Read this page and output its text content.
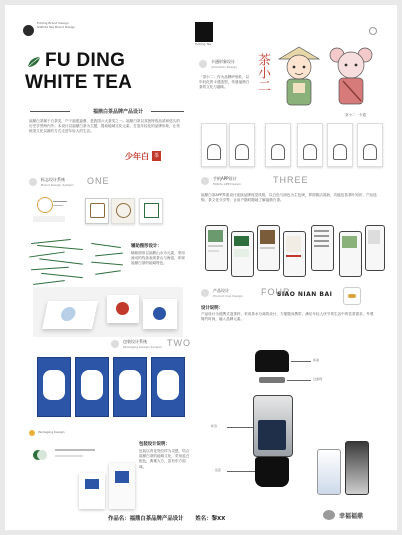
FuDing Brand Design
&White Tea Brand Design
FU DING
WHITE TEA
福鼎白茶品牌产品设计
福鼎白茶属于白茶类，产于福建福鼎，是我国六大茶类之一。福鼎白茶以其独特的品质和悠久的历史享誉海内外。本设计以福鼎白茶为主题，提取地域文化元素，打造年轻化的品牌形象，让传统茶文化以新的方式走进年轻人的生活。
少年白 茶
标志设计系统
Brand Design System	ONE
辅助图形设计：
辅助图形以福鼎山水为元素，采用流动的线条表现茶山与海浪，体现福鼎白茶的地域特色。
包装设计系统
Packaging Design System TWO
Packaging Design
包装设计说明：
包装以青花瓷纹样为灵感，结合福鼎白茶的地域文化，采用蓝白配色，典雅大方，富有东方韵味。
FuDing Tea
卡通形象设计
Character Design
「茶小二」作为品牌IP形象，以年轻化的卡通造型，传递福鼎白茶的文化与趣味。	茶小二
茶小二 · 卡通
手机APP设计
Mobile APP Design	THREE
福鼎白茶APP界面设计延续品牌视觉风格，以白色与绿色为主色调，界面简洁清新，功能包括茶叶知识、产品选购、茶文化分享等，让用户随时随地了解福鼎白茶。
产品设计
Product Cup Design	FOUR
SIAO NIAN BAI
设计说明：
产品设计为便携式泡茶杯，采用茶水分离的设计，方便随身携带，满足年轻人快节奏生活中的饮茶需求，外观简约时尚，融入品牌元素。
杯盖
过滤网
杯身
底座
作品名：福鼎白茶品牌产品设计 姓名：黎XX	幸福福鼎
